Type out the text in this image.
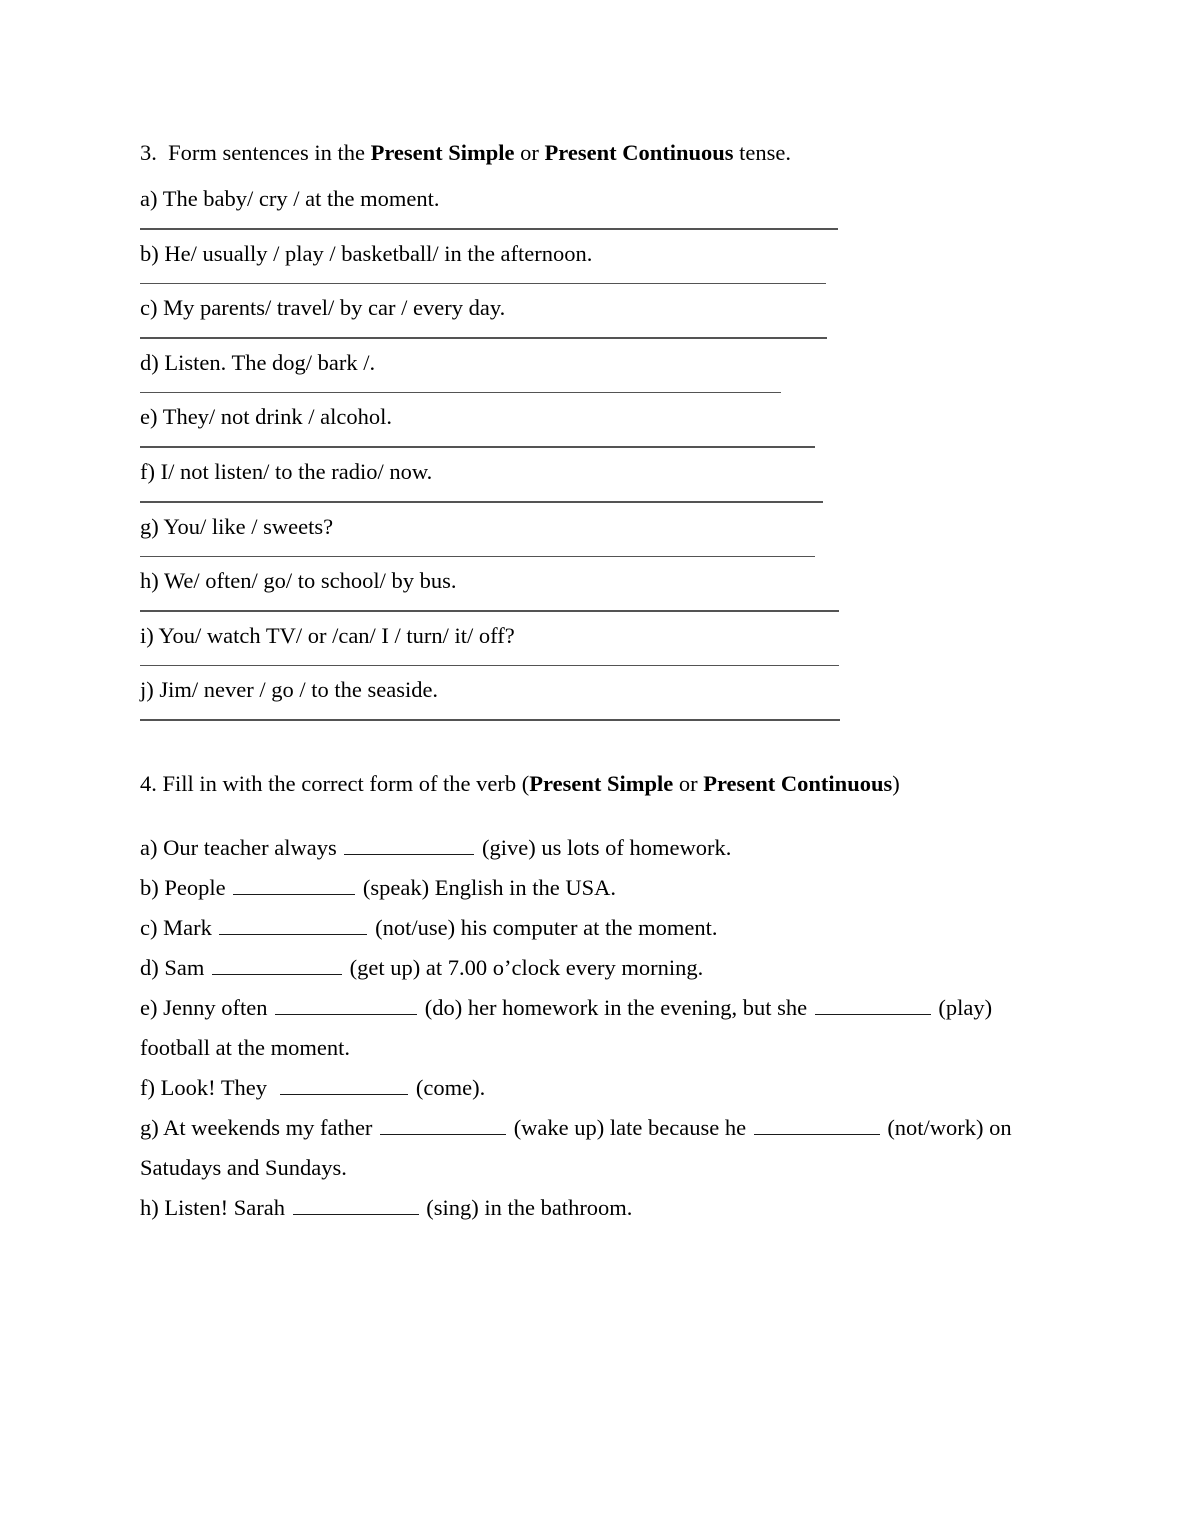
3.  Form sentences in the Present Simple or Present Continuous tense.

a) The baby/ cry / at the moment.

b) He/ usually / play / basketball/ in the afternoon.

c) My parents/ travel/ by car / every day.

d) Listen. The dog/ bark /.

e) They/ not drink / alcohol.

f) I/ not listen/ to the radio/ now.

g) You/ like / sweets?

h) We/ often/ go/ to school/ by bus.

i) You/ watch TV/ or /can/ I / turn/ it/ off?

j) Jim/ never / go / to the seaside.

4. Fill in with the correct form of the verb (Present Simple or Present Continuous)

a) Our teacher always	(give) us lots of homework.
b) People	(speak) English in the USA.
c) Mark	(not/use) his computer at the moment.
d) Sam	(get up) at 7.00 o’clock every morning.
e) Jenny often	(do) her homework in the evening, but she	(play) football at the moment.
f) Look! They	(come).
g) At weekends my father	(wake up) late because he	(not/work) on Satudays and Sundays.
h) Listen! Sarah	(sing) in the bathroom.
